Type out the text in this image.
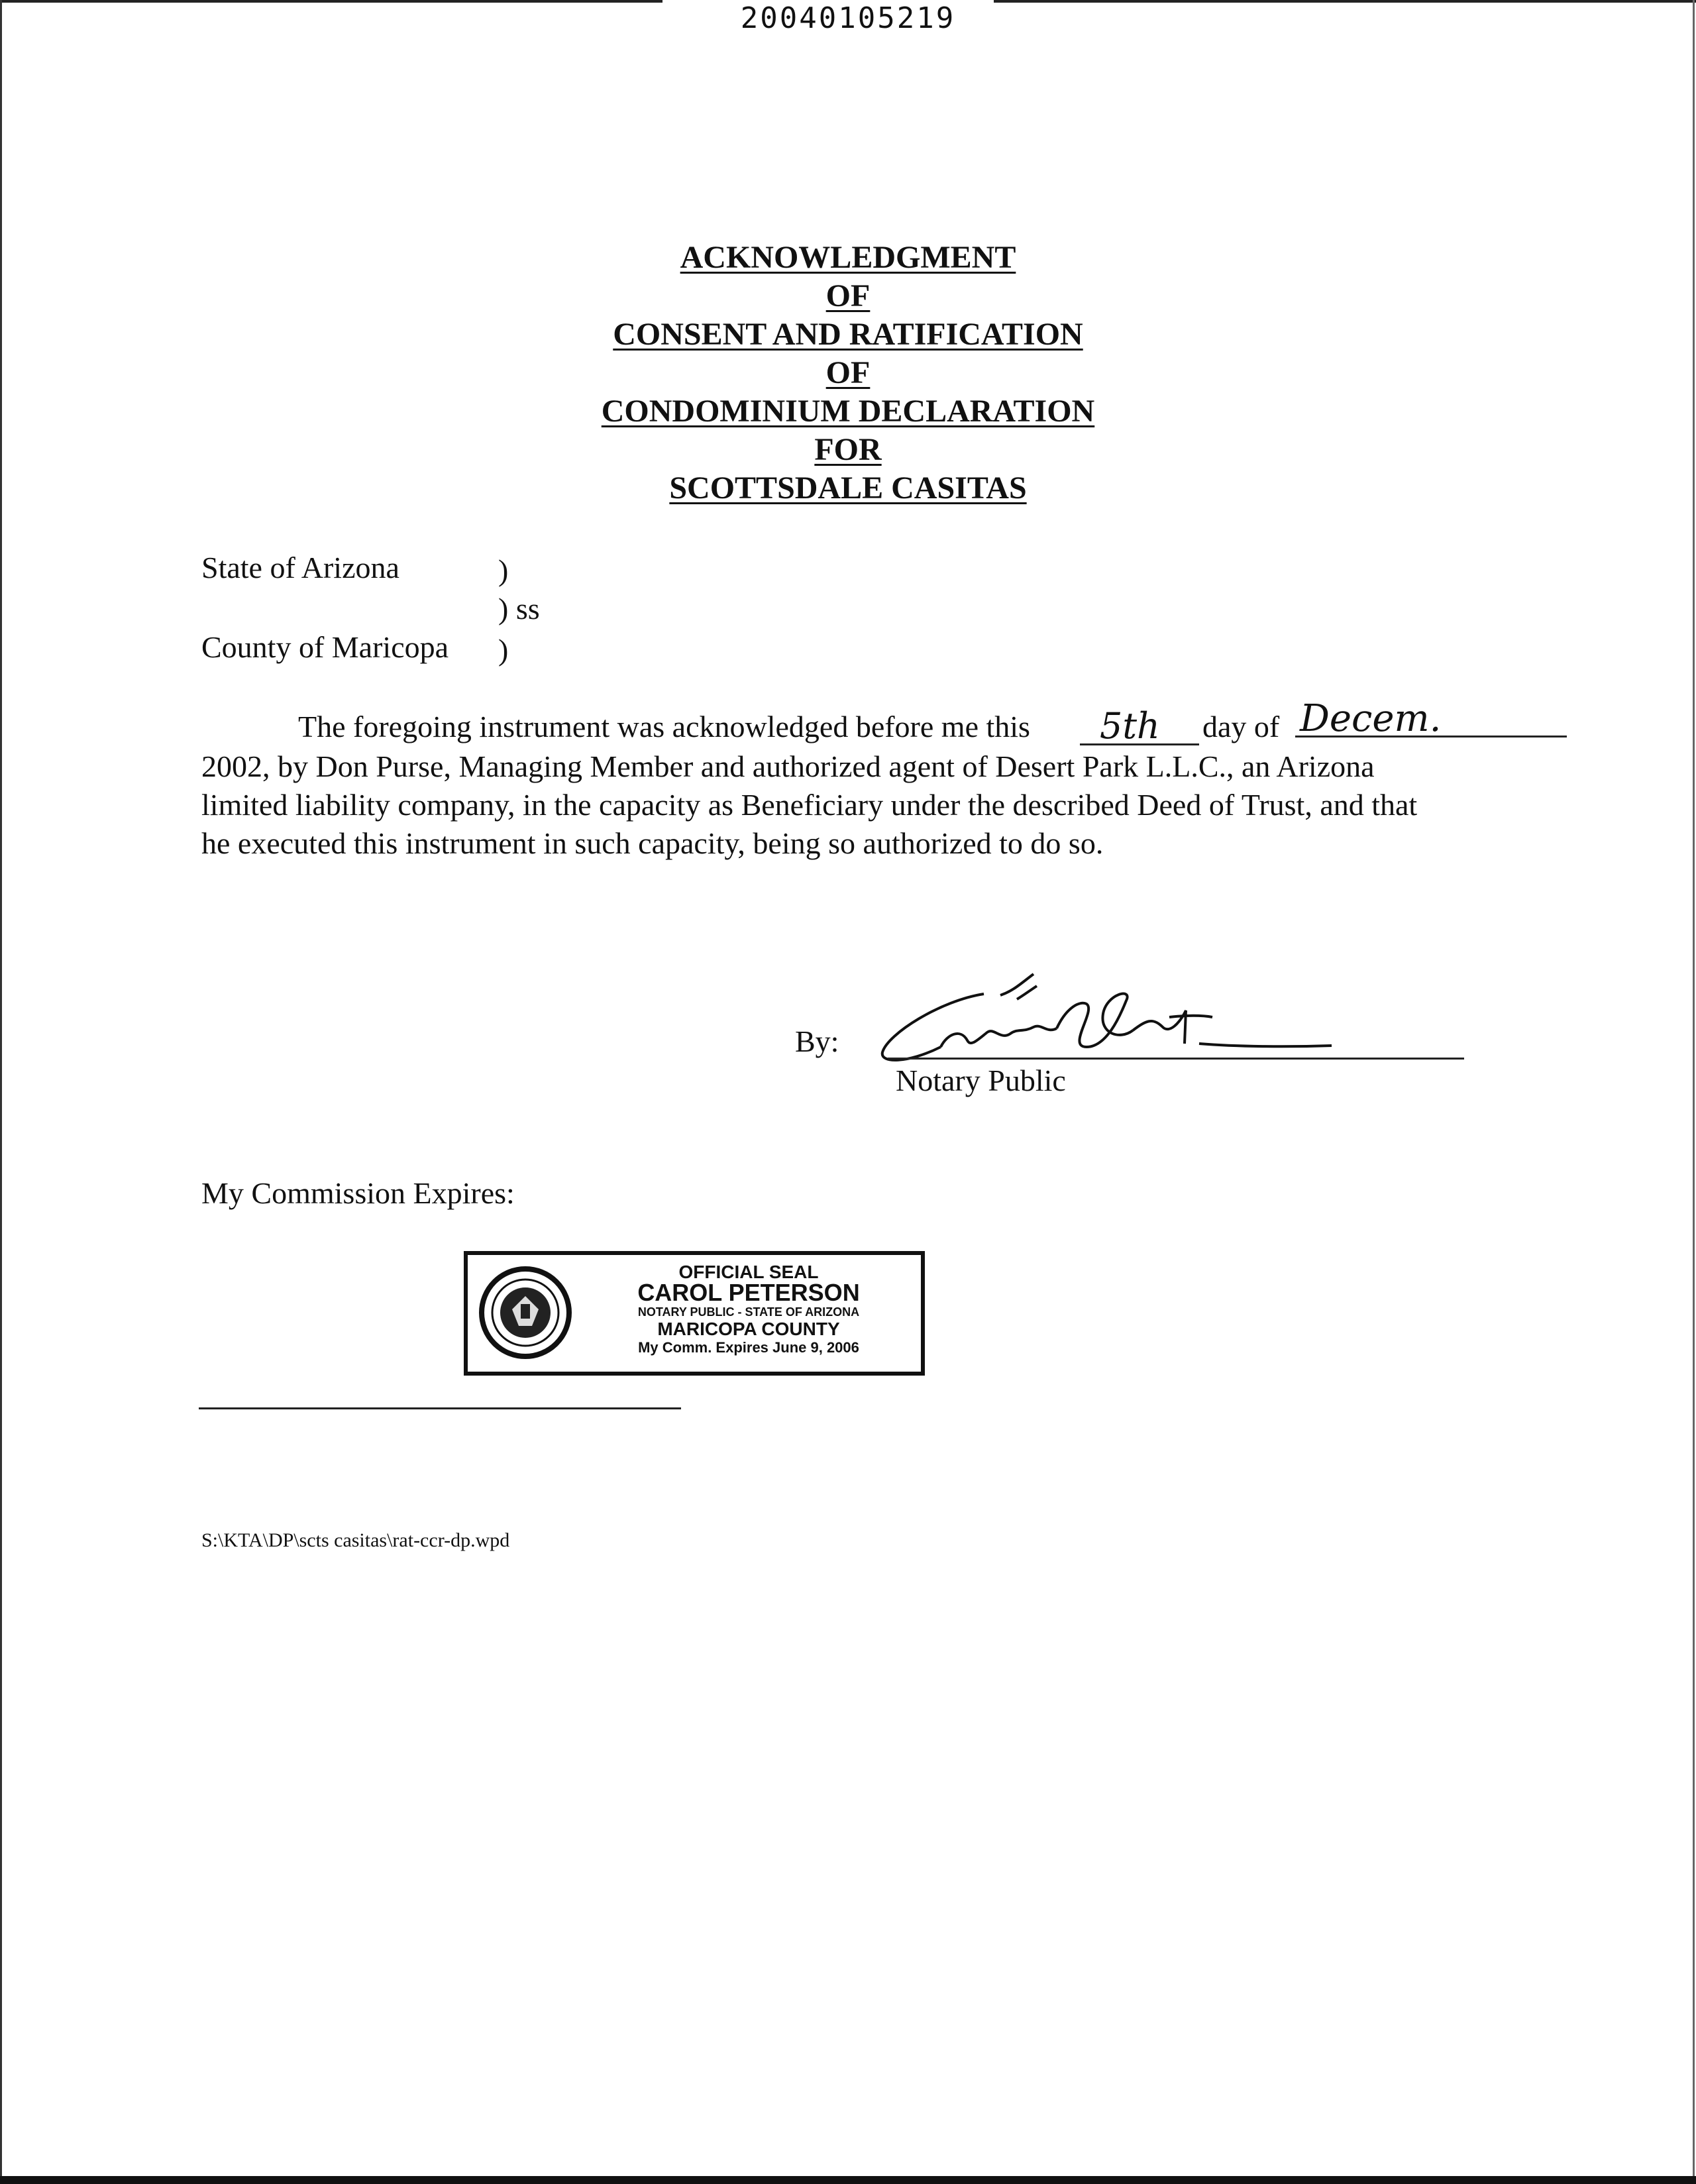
20040105219
ACKNOWLEDGMENT
OF
CONSENT AND RATIFICATION
OF
CONDOMINIUM DECLARATION
FOR
SCOTTSDALE CASITAS
State of Arizona	)
) ss
County of Maricopa )
The foregoing instrument was acknowledged before me this 5th day of Decem.
2002, by Don Purse, Managing Member and authorized agent of Desert Park L.L.C., an Arizona
limited liability company, in the capacity as Beneficiary under the described Deed of Trust, and that
he executed this instrument in such capacity, being so authorized to do so.
By:
Notary Public
My Commission Expires:
OFFICIAL SEAL
CAROL PETERSON
NOTARY PUBLIC - STATE OF ARIZONA
MARICOPA COUNTY
My Comm. Expires June 9, 2006
S:\KTA\DP\scts casitas\rat-ccr-dp.wpd
